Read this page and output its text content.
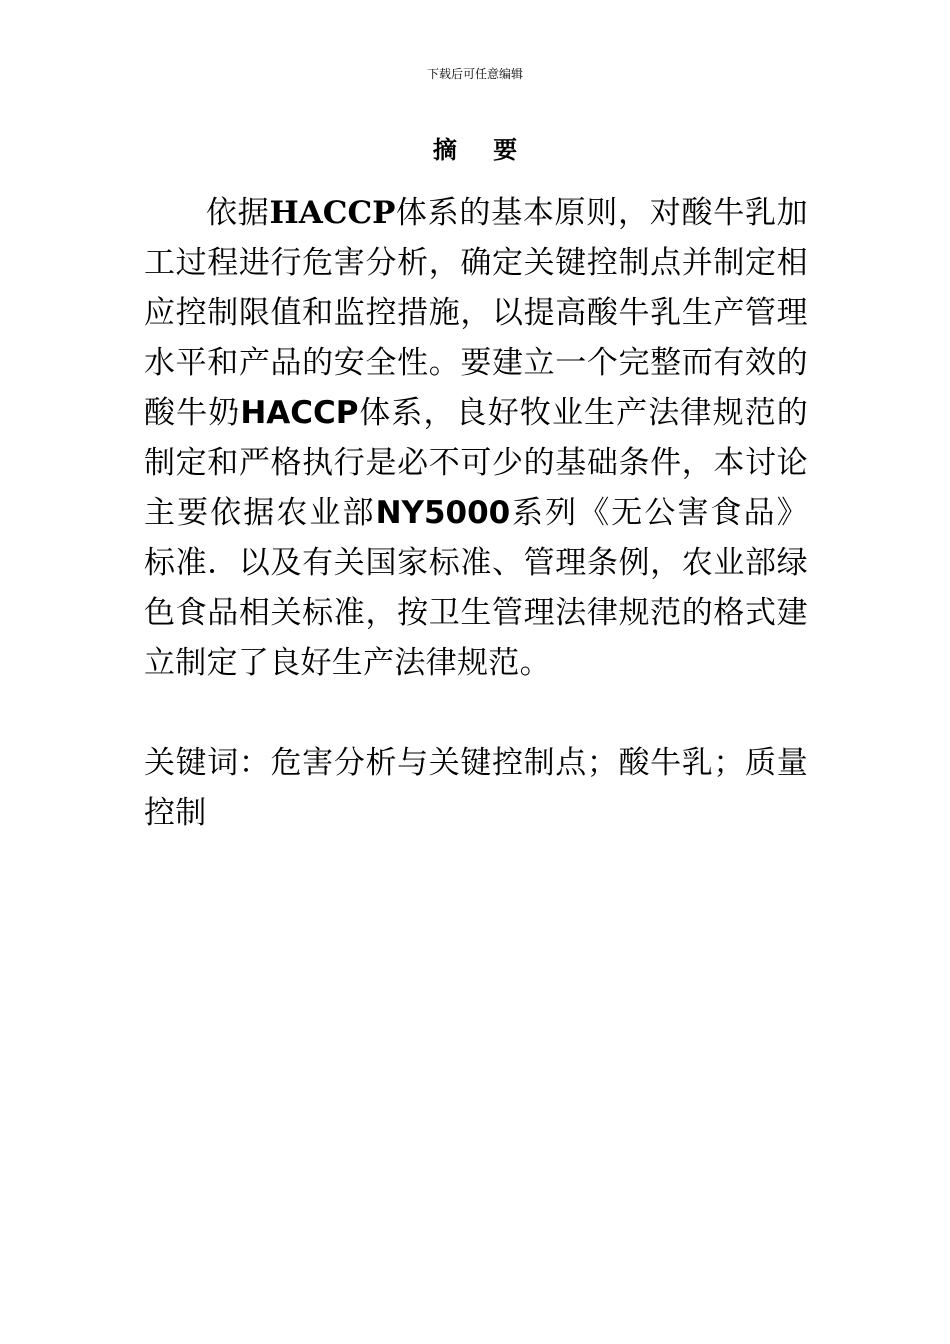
下载后可任意编辑
摘 要

依据HACCP体系的基本原则，对酸牛乳加工过程进行危害分析，确定关键控制点并制定相应控制限值和监控措施，以提高酸牛乳生产管理水平和产品的安全性。要建立一个完整而有效的酸牛奶HACCP体系，良好牧业生产法律规范的制定和严格执行是必不可少的基础条件，本讨论主要依据农业部NY5000系列《无公害食品》标准．以及有关国家标准、管理条例，农业部绿色食品相关标准，按卫生管理法律规范的格式建立制定了良好生产法律规范。

关键词：危害分析与关键控制点；酸牛乳；质量控制
